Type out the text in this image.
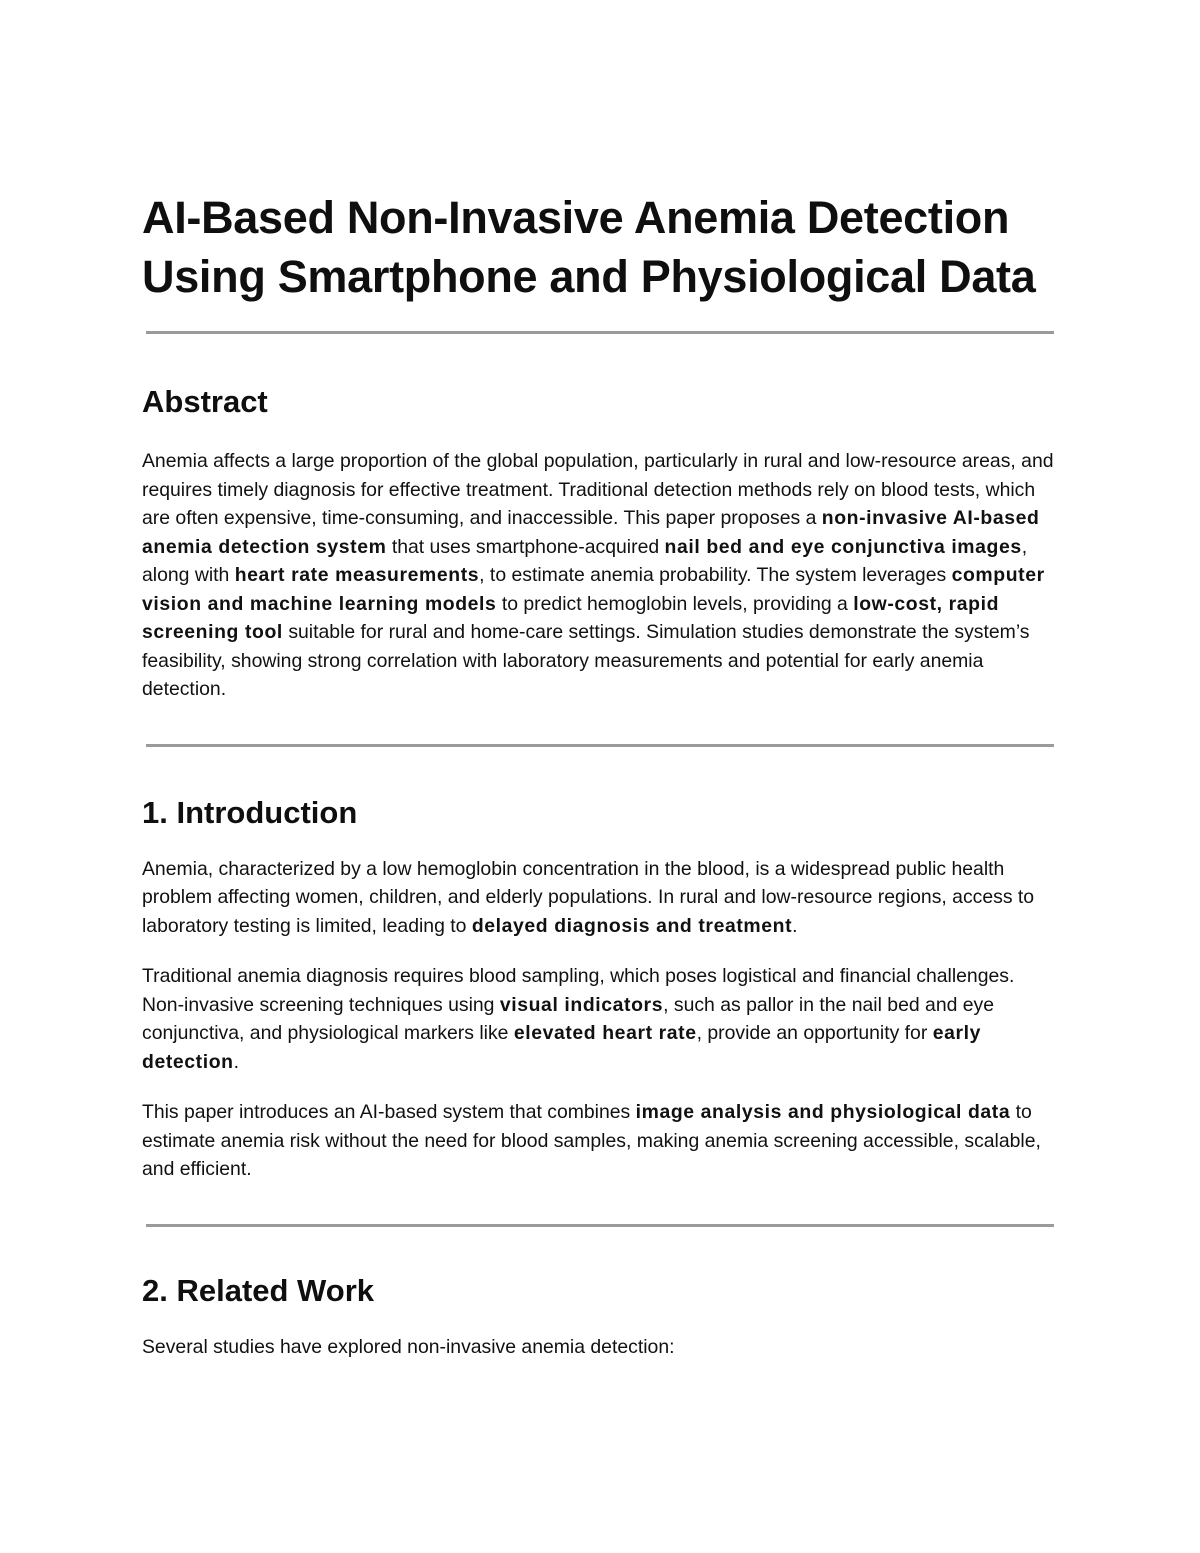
AI-Based Non-Invasive Anemia Detection
Using Smartphone and Physiological Data
Abstract

Anemia affects a large proportion of the global population, particularly in rural and low-resource areas, and requires timely diagnosis for effective treatment. Traditional detection methods rely on blood tests, which are often expensive, time-consuming, and inaccessible. This paper proposes a non-invasive AI-based anemia detection system that uses smartphone-acquired nail bed and eye conjunctiva images, along with heart rate measurements, to estimate anemia probability. The system leverages computer vision and machine learning models to predict hemoglobin levels, providing a low-cost, rapid screening tool suitable for rural and home-care settings. Simulation studies demonstrate the system’s feasibility, showing strong correlation with laboratory measurements and potential for early anemia detection.

1. Introduction

Anemia, characterized by a low hemoglobin concentration in the blood, is a widespread public health problem affecting women, children, and elderly populations. In rural and low-resource regions, access to laboratory testing is limited, leading to delayed diagnosis and treatment.

Traditional anemia diagnosis requires blood sampling, which poses logistical and financial challenges. Non-invasive screening techniques using visual indicators, such as pallor in the nail bed and eye conjunctiva, and physiological markers like elevated heart rate, provide an opportunity for early detection.

This paper introduces an AI-based system that combines image analysis and physiological data to estimate anemia risk without the need for blood samples, making anemia screening accessible, scalable, and efficient.

2. Related Work

Several studies have explored non-invasive anemia detection:
